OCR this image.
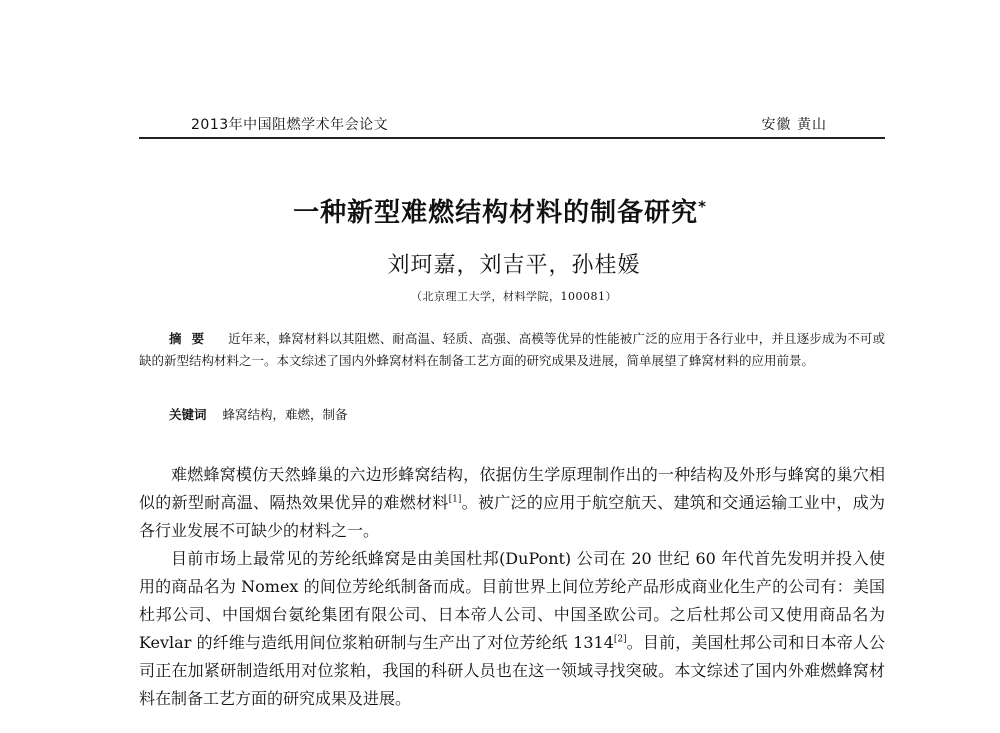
2013年中国阻燃学术年会论文	安徽 黄山
一种新型难燃结构材料的制备研究*
刘珂嘉，刘吉平，孙桂媛
（北京理工大学，材料学院，100081）
摘要 近年来，蜂窝材料以其阻燃、耐高温、轻质、高强、高模等优异的性能被广泛的应用于各行业中，并且逐步成为不可或缺的新型结构材料之一。本文综述了国内外蜂窝材料在制备工艺方面的研究成果及进展，简单展望了蜂窝材料的应用前景。
关键词 蜂窝结构，难燃，制备

难燃蜂窝模仿天然蜂巢的六边形蜂窝结构，依据仿生学原理制作出的一种结构及外形与蜂窝的巢穴相似的新型耐高温、隔热效果优异的难燃材料[1]。被广泛的应用于航空航天、建筑和交通运输工业中，成为各行业发展不可缺少的材料之一。

目前市场上最常见的芳纶纸蜂窝是由美国杜邦(DuPont) 公司在 20 世纪 60 年代首先发明并投入使用的商品名为 Nomex 的间位芳纶纸制备而成。目前世界上间位芳纶产品形成商业化生产的公司有：美国杜邦公司、中国烟台氨纶集团有限公司、日本帝人公司、中国圣欧公司。之后杜邦公司又使用商品名为 Kevlar 的纤维与造纸用间位浆粕研制与生产出了对位芳纶纸 1314[2]。目前，美国杜邦公司和日本帝人公司正在加紧研制造纸用对位浆粕，我国的科研人员也在这一领域寻找突破。本文综述了国内外难燃蜂窝材料在制备工艺方面的研究成果及进展。
